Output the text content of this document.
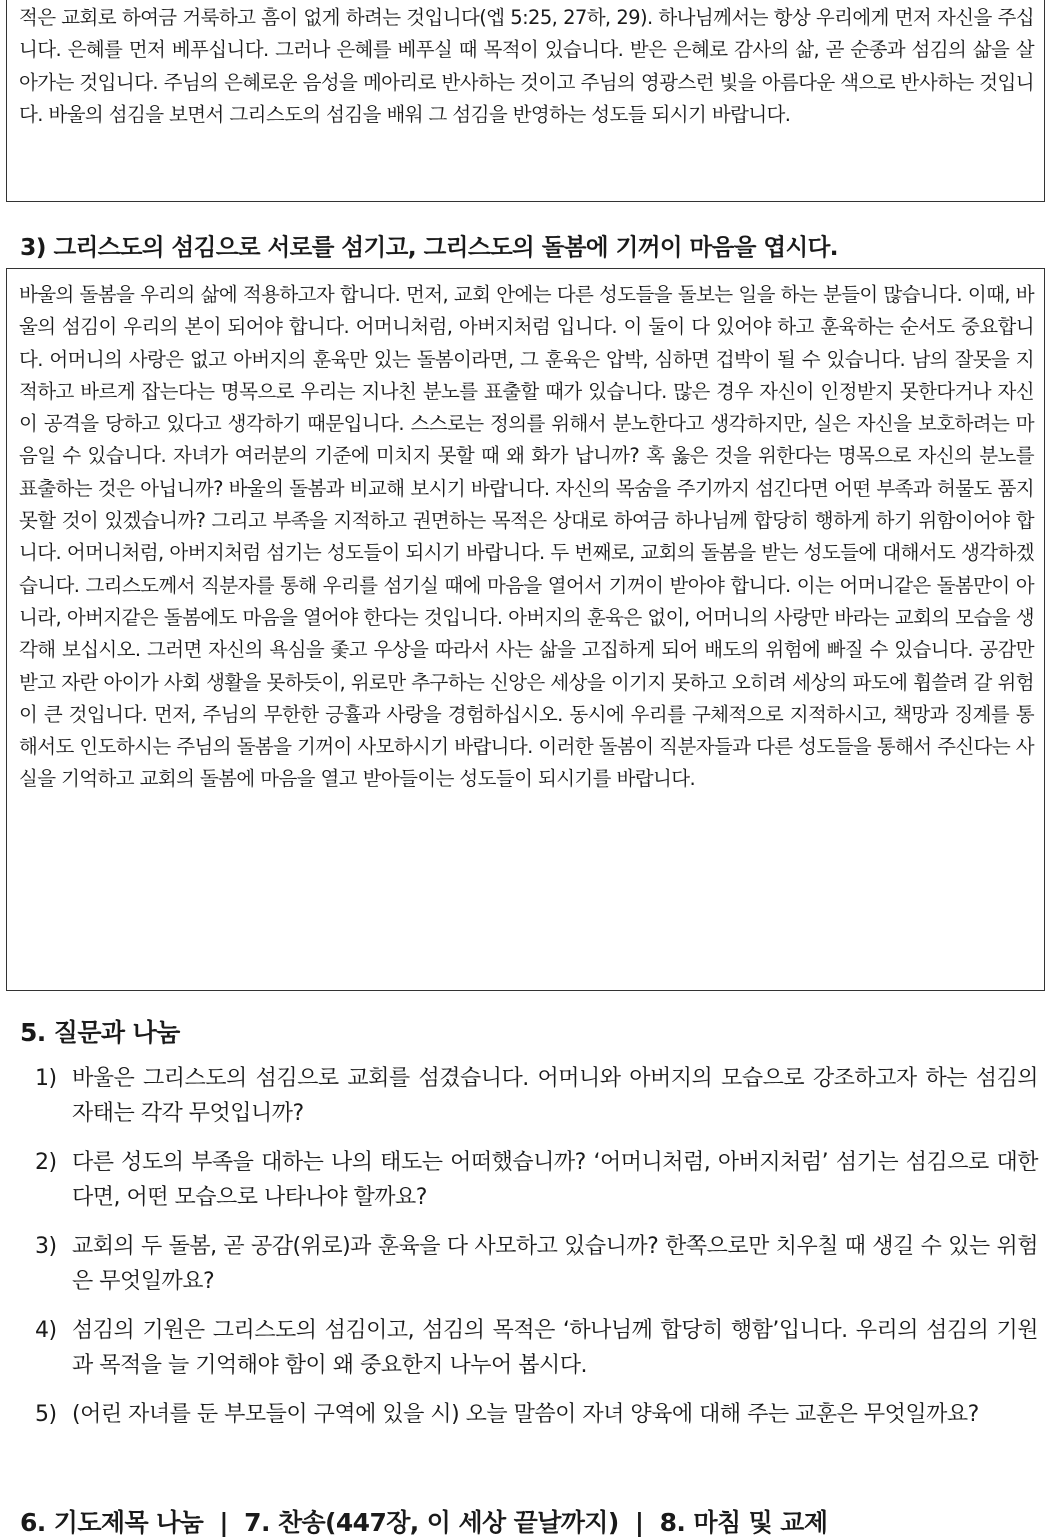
적은 교회로 하여금 거룩하고 흠이 없게 하려는 것입니다(엡 5:25, 27하, 29). 하나님께서는 항상 우리에게 먼저 자신을 주십니다. 은혜를 먼저 베푸십니다. 그러나 은혜를 베푸실 때 목적이 있습니다. 받은 은혜로 감사의 삶, 곧 순종과 섬김의 삶을 살아가는 것입니다. 주님의 은혜로운 음성을 메아리로 반사하는 것이고 주님의 영광스런 빛을 아름다운 색으로 반사하는 것입니다. 바울의 섬김을 보면서 그리스도의 섬김을 배워 그 섬김을 반영하는 성도들 되시기 바랍니다.

3) 그리스도의 섬김으로 서로를 섬기고, 그리스도의 돌봄에 기꺼이 마음을 엽시다.

바울의 돌봄을 우리의 삶에 적용하고자 합니다. 먼저, 교회 안에는 다른 성도들을 돌보는 일을 하는 분들이 많습니다. 이때, 바울의 섬김이 우리의 본이 되어야 합니다. 어머니처럼, 아버지처럼 입니다. 이 둘이 다 있어야 하고 훈육하는 순서도 중요합니다. 어머니의 사랑은 없고 아버지의 훈육만 있는 돌봄이라면, 그 훈육은 압박, 심하면 겁박이 될 수 있습니다. 남의 잘못을 지적하고 바르게 잡는다는 명목으로 우리는 지나친 분노를 표출할 때가 있습니다. 많은 경우 자신이 인정받지 못한다거나 자신이 공격을 당하고 있다고 생각하기 때문입니다. 스스로는 정의를 위해서 분노한다고 생각하지만, 실은 자신을 보호하려는 마음일 수 있습니다. 자녀가 여러분의 기준에 미치지 못할 때 왜 화가 납니까? 혹 옳은 것을 위한다는 명목으로 자신의 분노를 표출하는 것은 아닙니까? 바울의 돌봄과 비교해 보시기 바랍니다. 자신의 목숨을 주기까지 섬긴다면 어떤 부족과 허물도 품지 못할 것이 있겠습니까? 그리고 부족을 지적하고 권면하는 목적은 상대로 하여금 하나님께 합당히 행하게 하기 위함이어야 합니다. 어머니처럼, 아버지처럼 섬기는 성도들이 되시기 바랍니다. 두 번째로, 교회의 돌봄을 받는 성도들에 대해서도 생각하겠습니다. 그리스도께서 직분자를 통해 우리를 섬기실 때에 마음을 열어서 기꺼이 받아야 합니다. 이는 어머니같은 돌봄만이 아니라, 아버지같은 돌봄에도 마음을 열어야 한다는 것입니다. 아버지의 훈육은 없이, 어머니의 사랑만 바라는 교회의 모습을 생각해 보십시오. 그러면 자신의 욕심을 좇고 우상을 따라서 사는 삶을 고집하게 되어 배도의 위험에 빠질 수 있습니다. 공감만 받고 자란 아이가 사회 생활을 못하듯이, 위로만 추구하는 신앙은 세상을 이기지 못하고 오히려 세상의 파도에 휩쓸려 갈 위험이 큰 것입니다. 먼저, 주님의 무한한 긍휼과 사랑을 경험하십시오. 동시에 우리를 구체적으로 지적하시고, 책망과 징계를 통해서도 인도하시는 주님의 돌봄을 기꺼이 사모하시기 바랍니다. 이러한 돌봄이 직분자들과 다른 성도들을 통해서 주신다는 사실을 기억하고 교회의 돌봄에 마음을 열고 받아들이는 성도들이 되시기를 바랍니다.

5. 질문과 나눔
1) 바울은 그리스도의 섬김으로 교회를 섬겼습니다. 어머니와 아버지의 모습으로 강조하고자 하는 섬김의 자태는 각각 무엇입니까?
2) 다른 성도의 부족을 대하는 나의 태도는 어떠했습니까? ‘어머니처럼, 아버지처럼’ 섬기는 섬김으로 대한다면, 어떤 모습으로 나타나야 할까요?
3) 교회의 두 돌봄, 곧 공감(위로)과 훈육을 다 사모하고 있습니까? 한쪽으로만 치우칠 때 생길 수 있는 위험은 무엇일까요?
4) 섬김의 기원은 그리스도의 섬김이고, 섬김의 목적은 ‘하나님께 합당히 행함’입니다. 우리의 섬김의 기원과 목적을 늘 기억해야 함이 왜 중요한지 나누어 봅시다.
5) (어린 자녀를 둔 부모들이 구역에 있을 시) 오늘 말씀이 자녀 양육에 대해 주는 교훈은 무엇일까요?
6. 기도제목 나눔  |  7. 찬송(447장, 이 세상 끝날까지)  |  8. 마침 및 교제
